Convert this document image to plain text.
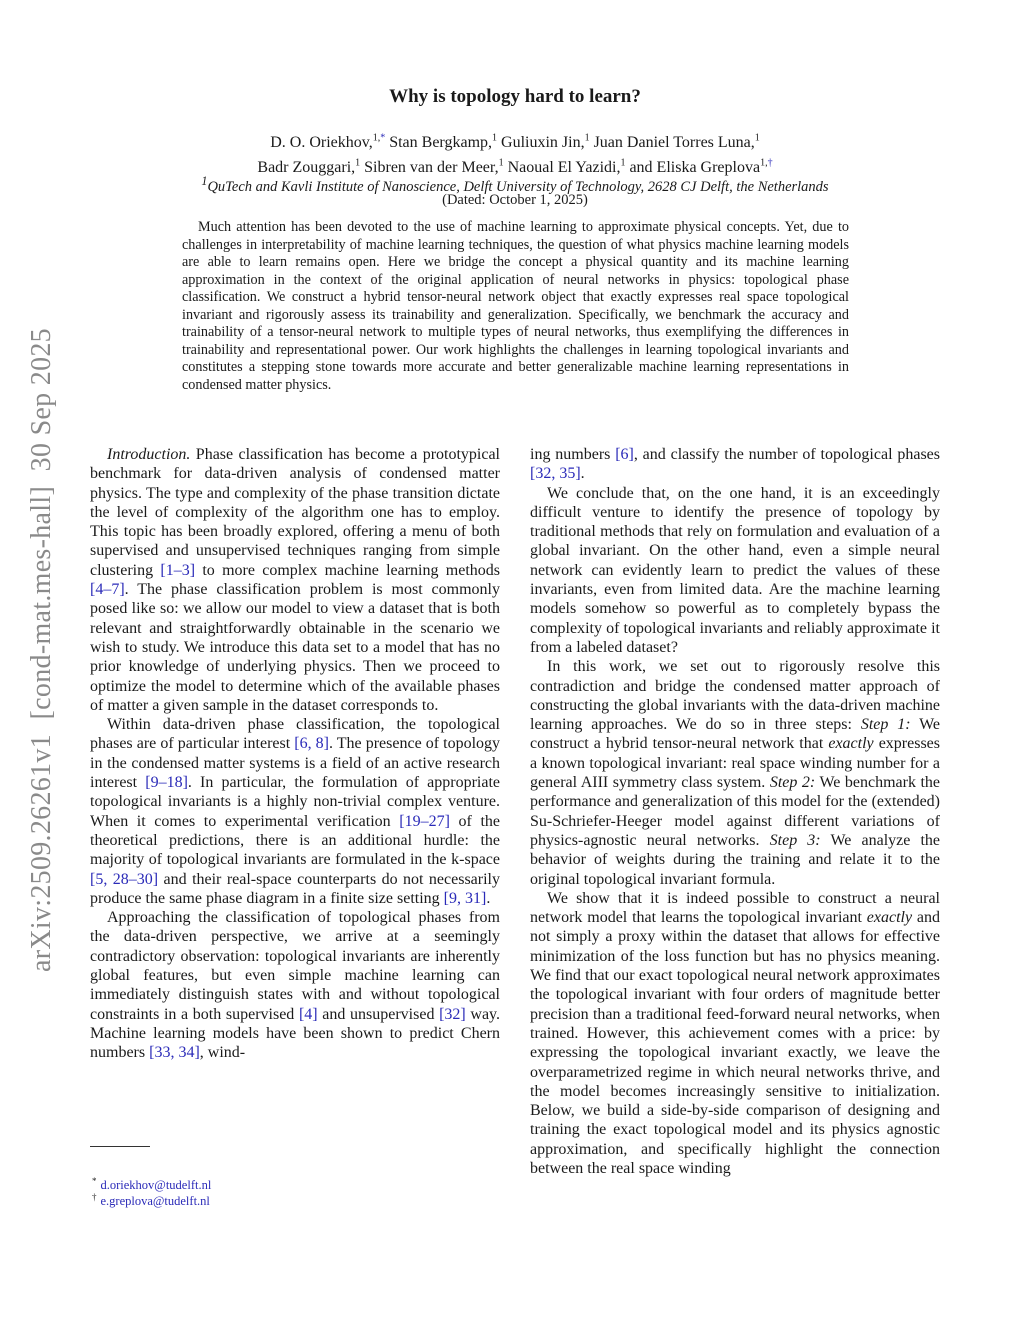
arXiv:2509.26261v1  [cond-mat.mes-hall]  30 Sep 2025
Why is topology hard to learn?
D. O. Oriekhov,$^{1,*}$ Stan Bergkamp,$^1$ Guliuxin Jin,$^1$ Juan Daniel Torres Luna,$^1$
Badr Zouggari,$^1$ Sibren van der Meer,$^1$ Naoual El Yazidi,$^1$ and Eliska Greplova$^{1,\dagger}$
$^1$QuTech and Kavli Institute of Nanoscience, Delft University of Technology, 2628 CJ Delft, the Netherlands
(Dated: October 1, 2025)
Much attention has been devoted to the use of machine learning to approximate physical concepts. Yet, due to challenges in interpretability of machine learning techniques, the question of what physics machine learning models are able to learn remains open. Here we bridge the concept a physical quantity and its machine learning approximation in the context of the original application of neural networks in physics: topological phase classification. We construct a hybrid tensor-neural network object that exactly expresses real space topological invariant and rigorously assess its trainability and generalization. Specifically, we benchmark the accuracy and trainability of a tensor-neural network to multiple types of neural networks, thus exemplifying the differences in trainability and representational power. Our work highlights the challenges in learning topological invariants and constitutes a stepping stone towards more accurate and better generalizable machine learning representations in condensed matter physics.

Introduction. Phase classification has become a prototypical benchmark for data-driven analysis of condensed matter physics. The type and complexity of the phase transition dictate the level of complexity of the algorithm one has to employ. This topic has been broadly explored, offering a menu of both supervised and unsupervised techniques ranging from simple clustering [1–3] to more complex machine learning methods [4–7]. The phase classification problem is most commonly posed like so: we allow our model to view a dataset that is both relevant and straightforwardly obtainable in the scenario we wish to study. We introduce this data set to a model that has no prior knowledge of underlying physics. Then we proceed to optimize the model to determine which of the available phases of matter a given sample in the dataset corresponds to.

Within data-driven phase classification, the topological phases are of particular interest [6, 8]. The presence of topology in the condensed matter systems is a field of an active research interest [9–18]. In particular, the formulation of appropriate topological invariants is a highly non-trivial complex venture. When it comes to experimental verification [19–27] of the theoretical predictions, there is an additional hurdle: the majority of topological invariants are formulated in the k-space [5, 28–30] and their real-space counterparts do not necessarily produce the same phase diagram in a finite size setting [9, 31].

Approaching the classification of topological phases from the data-driven perspective, we arrive at a seemingly contradictory observation: topological invariants are inherently global features, but even simple machine learning can immediately distinguish states with and without topological constraints in a both supervised [4] and unsupervised [32] way. Machine learning models have been shown to predict Chern numbers [33, 34], wind-

ing numbers [6], and classify the number of topological phases [32, 35].

We conclude that, on the one hand, it is an exceedingly difficult venture to identify the presence of topology by traditional methods that rely on formulation and evaluation of a global invariant. On the other hand, even a simple neural network can evidently learn to predict the values of these invariants, even from limited data. Are the machine learning models somehow so powerful as to completely bypass the complexity of topological invariants and reliably approximate it from a labeled dataset?

In this work, we set out to rigorously resolve this contradiction and bridge the condensed matter approach of constructing the global invariants with the data-driven machine learning approaches. We do so in three steps: Step 1: We construct a hybrid tensor-neural network that exactly expresses a known topological invariant: real space winding number for a general AIII symmetry class system. Step 2: We benchmark the performance and generalization of this model for the (extended) Su-Schriefer-Heeger model against different variations of physics-agnostic neural networks. Step 3: We analyze the behavior of weights during the training and relate it to the original topological invariant formula.

We show that it is indeed possible to construct a neural network model that learns the topological invariant exactly and not simply a proxy within the dataset that allows for effective minimization of the loss function but has no physics meaning. We find that our exact topological neural network approximates the topological invariant with four orders of magnitude better precision than a traditional feed-forward neural networks, when trained. However, this achievement comes with a price: by expressing the topological invariant exactly, we leave the overparametrized regime in which neural networks thrive, and the model becomes increasingly sensitive to initialization. Below, we build a side-by-side comparison of designing and training the exact topological model and its physics agnostic approximation, and specifically highlight the connection between the real space winding

* d.oriekhov@tudelft.nl
† e.greplova@tudelft.nl
